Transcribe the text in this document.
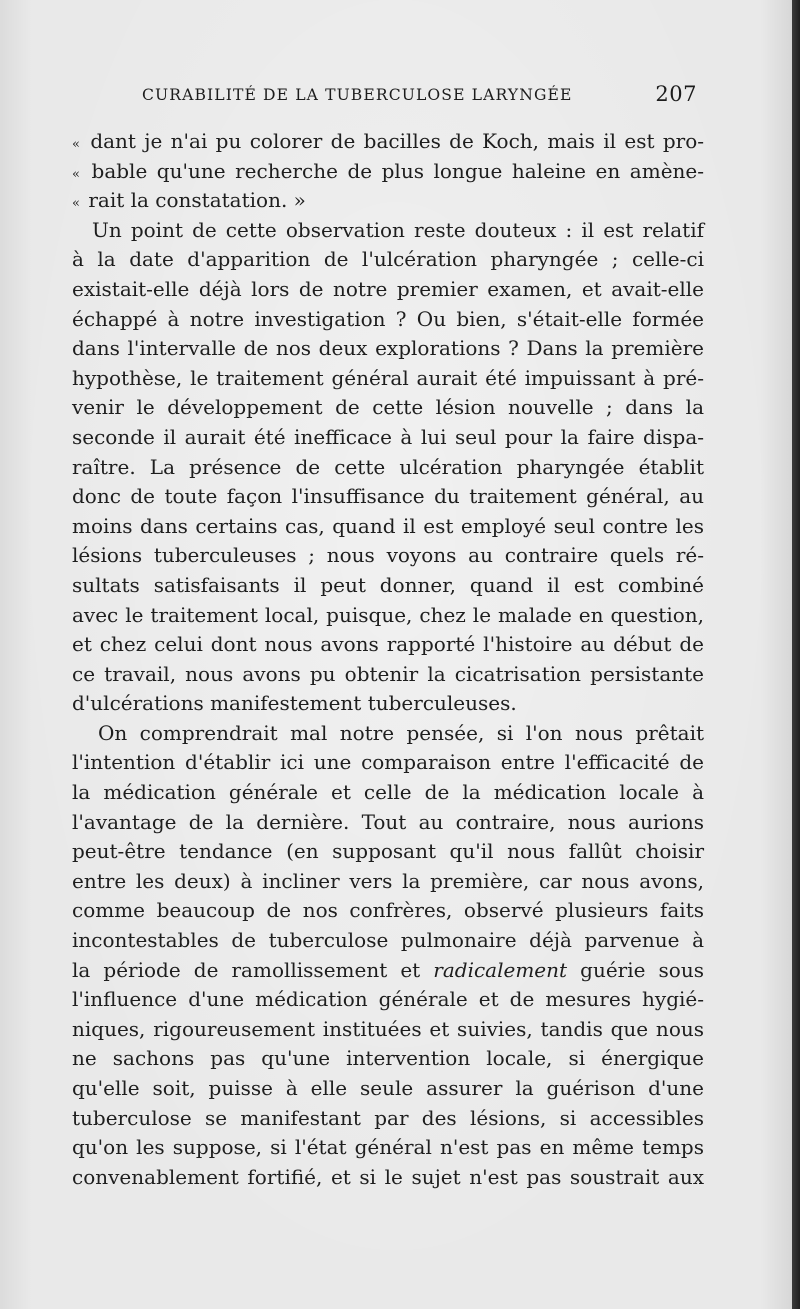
CURABILITÉ DE LA TUBERCULOSE LARYNGÉE	207
« dant je n'ai pu colorer de bacilles de Koch, mais il est pro-
« bable qu'une recherche de plus longue haleine en amène-
« rait la constatation. »
Un point de cette observation reste douteux : il est relatif
à la date d'apparition de l'ulcération pharyngée ; celle-ci
existait-elle déjà lors de notre premier examen, et avait-elle
échappé à notre investigation ? Ou bien, s'était-elle formée
dans l'intervalle de nos deux explorations ? Dans la première
hypothèse, le traitement général aurait été impuissant à pré-
venir le développement de cette lésion nouvelle ; dans la
seconde il aurait été inefficace à lui seul pour la faire dispa-
raître. La présence de cette ulcération pharyngée établit
donc de toute façon l'insuffisance du traitement général, au
moins dans certains cas, quand il est employé seul contre les
lésions tuberculeuses ; nous voyons au contraire quels ré-
sultats satisfaisants il peut donner, quand il est combiné
avec le traitement local, puisque, chez le malade en question,
et chez celui dont nous avons rapporté l'histoire au début de
ce travail, nous avons pu obtenir la cicatrisation persistante
d'ulcérations manifestement tuberculeuses.
On comprendrait mal notre pensée, si l'on nous prêtait
l'intention d'établir ici une comparaison entre l'efficacité de
la médication générale et celle de la médication locale à
l'avantage de la dernière. Tout au contraire, nous aurions
peut-être tendance (en supposant qu'il nous fallût choisir
entre les deux) à incliner vers la première, car nous avons,
comme beaucoup de nos confrères, observé plusieurs faits
incontestables de tuberculose pulmonaire déjà parvenue à
la période de ramollissement et radicalement guérie sous
l'influence d'une médication générale et de mesures hygié-
niques, rigoureusement instituées et suivies, tandis que nous
ne sachons pas qu'une intervention locale, si énergique
qu'elle soit, puisse à elle seule assurer la guérison d'une
tuberculose se manifestant par des lésions, si accessibles
qu'on les suppose, si l'état général n'est pas en même temps
convenablement fortifié, et si le sujet n'est pas soustrait aux
